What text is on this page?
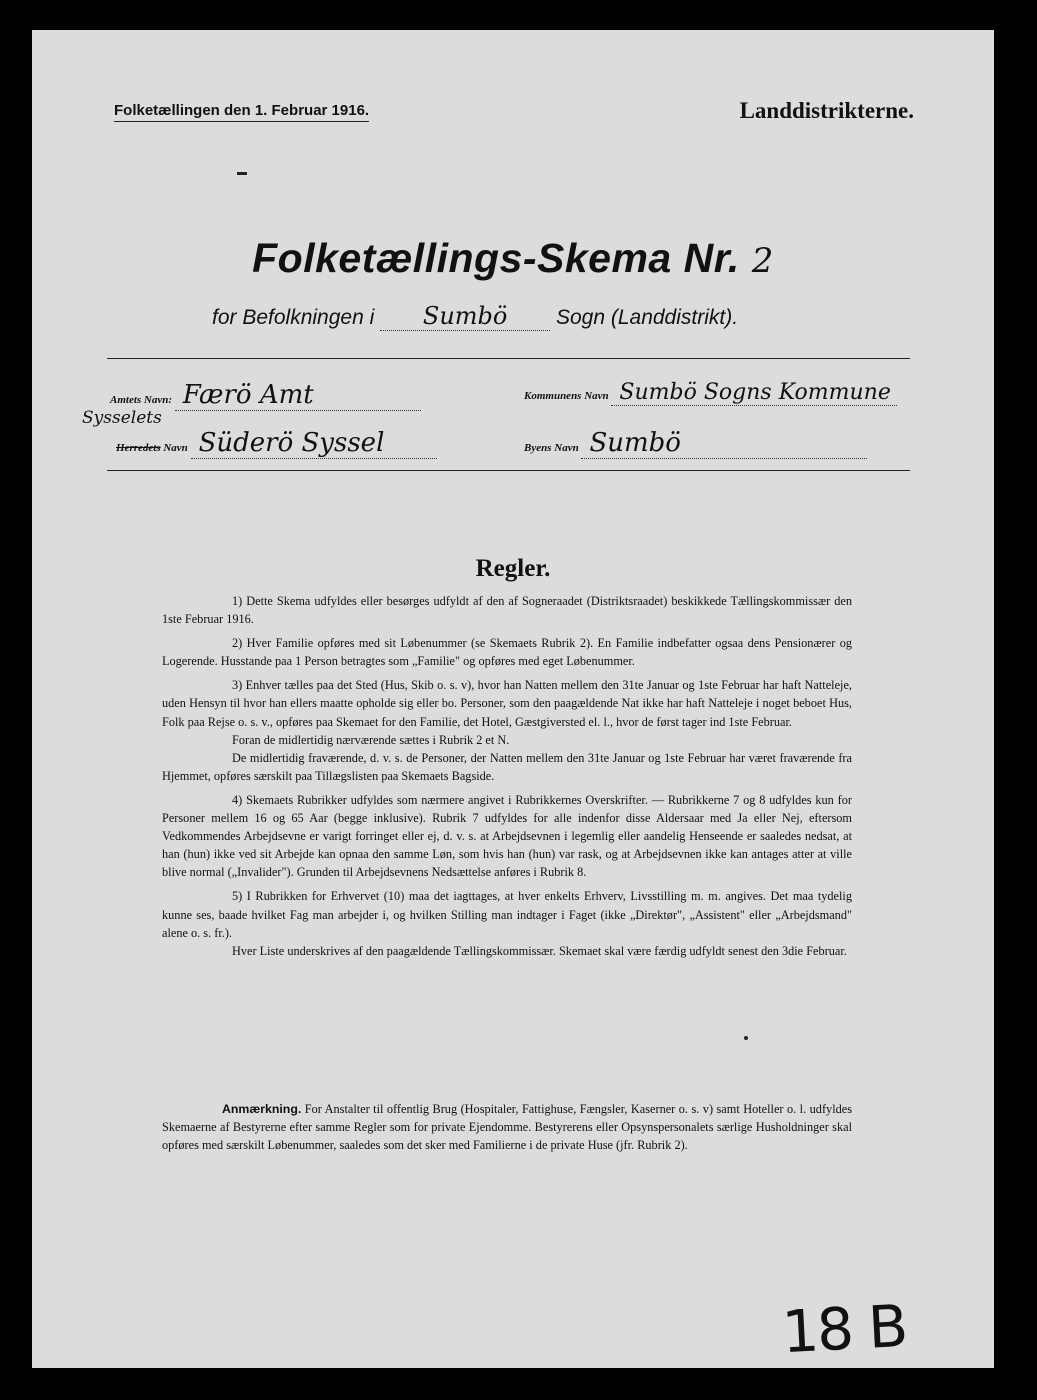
Folketællingen den 1. Februar 1916.	Landdistrikterne.
Folketællings-Skema Nr. 2
for Befolkningen i Sumbö Sogn (Landdistrikt).
Amtets Navn: Færö Amt	Kommunens Navn Sumbö Sogns Kommune
Sysselets
Herredets Navn Süderö Syssel	Byens Navn Sumbö
Regler.

1) Dette Skema udfyldes eller besørges udfyldt af den af Sogneraadet (Distriktsraadet) beskikkede Tællingskommissær den 1ste Februar 1916.

2) Hver Familie opføres med sit Løbenummer (se Skemaets Rubrik 2). En Familie indbefatter ogsaa dens Pensionærer og Logerende. Husstande paa 1 Person betragtes som „Familie" og opføres med eget Løbenummer.

3) Enhver tælles paa det Sted (Hus, Skib o. s. v), hvor han Natten mellem den 31te Januar og 1ste Februar har haft Natteleje, uden Hensyn til hvor han ellers maatte opholde sig eller bo. Personer, som den paagældende Nat ikke har haft Natteleje i noget beboet Hus, Folk paa Rejse o. s. v., opføres paa Skemaet for den Familie, det Hotel, Gæstgiversted el. l., hvor de først tager ind 1ste Februar.

Foran de midlertidig nærværende sættes i Rubrik 2 et N.

De midlertidig fraværende, d. v. s. de Personer, der Natten mellem den 31te Januar og 1ste Februar har været fraværende fra Hjemmet, opføres særskilt paa Tillægslisten paa Skemaets Bagside.

4) Skemaets Rubrikker udfyldes som nærmere angivet i Rubrikkernes Overskrifter. — Rubrikkerne 7 og 8 udfyldes kun for Personer mellem 16 og 65 Aar (begge inklusive). Rubrik 7 udfyldes for alle indenfor disse Aldersaar med Ja eller Nej, eftersom Vedkommendes Arbejdsevne er varigt forringet eller ej, d. v. s. at Arbejdsevnen i legemlig eller aandelig Henseende er saaledes nedsat, at han (hun) ikke ved sit Arbejde kan opnaa den samme Løn, som hvis han (hun) var rask, og at Arbejdsevnen ikke kan antages atter at ville blive normal („Invalider"). Grunden til Arbejdsevnens Nedsættelse anføres i Rubrik 8.

5) I Rubrikken for Erhvervet (10) maa det iagttages, at hver enkelts Erhverv, Livsstilling m. m. angives. Det maa tydelig kunne ses, baade hvilket Fag man arbejder i, og hvilken Stilling man indtager i Faget (ikke „Direktør", „Assistent" eller „Arbejdsmand" alene o. s. fr.).

Hver Liste underskrives af den paagældende Tællingskommissær. Skemaet skal være færdig udfyldt senest den 3die Februar.

Anmærkning. For Anstalter til offentlig Brug (Hospitaler, Fattighuse, Fængsler, Kaserner o. s. v) samt Hoteller o. l. udfyldes Skemaerne af Bestyrerne efter samme Regler som for private Ejendomme. Bestyrerens eller Opsynspersonalets særlige Husholdninger skal opføres med særskilt Løbenummer, saaledes som det sker med Familierne i de private Huse (jfr. Rubrik 2).

18 B
